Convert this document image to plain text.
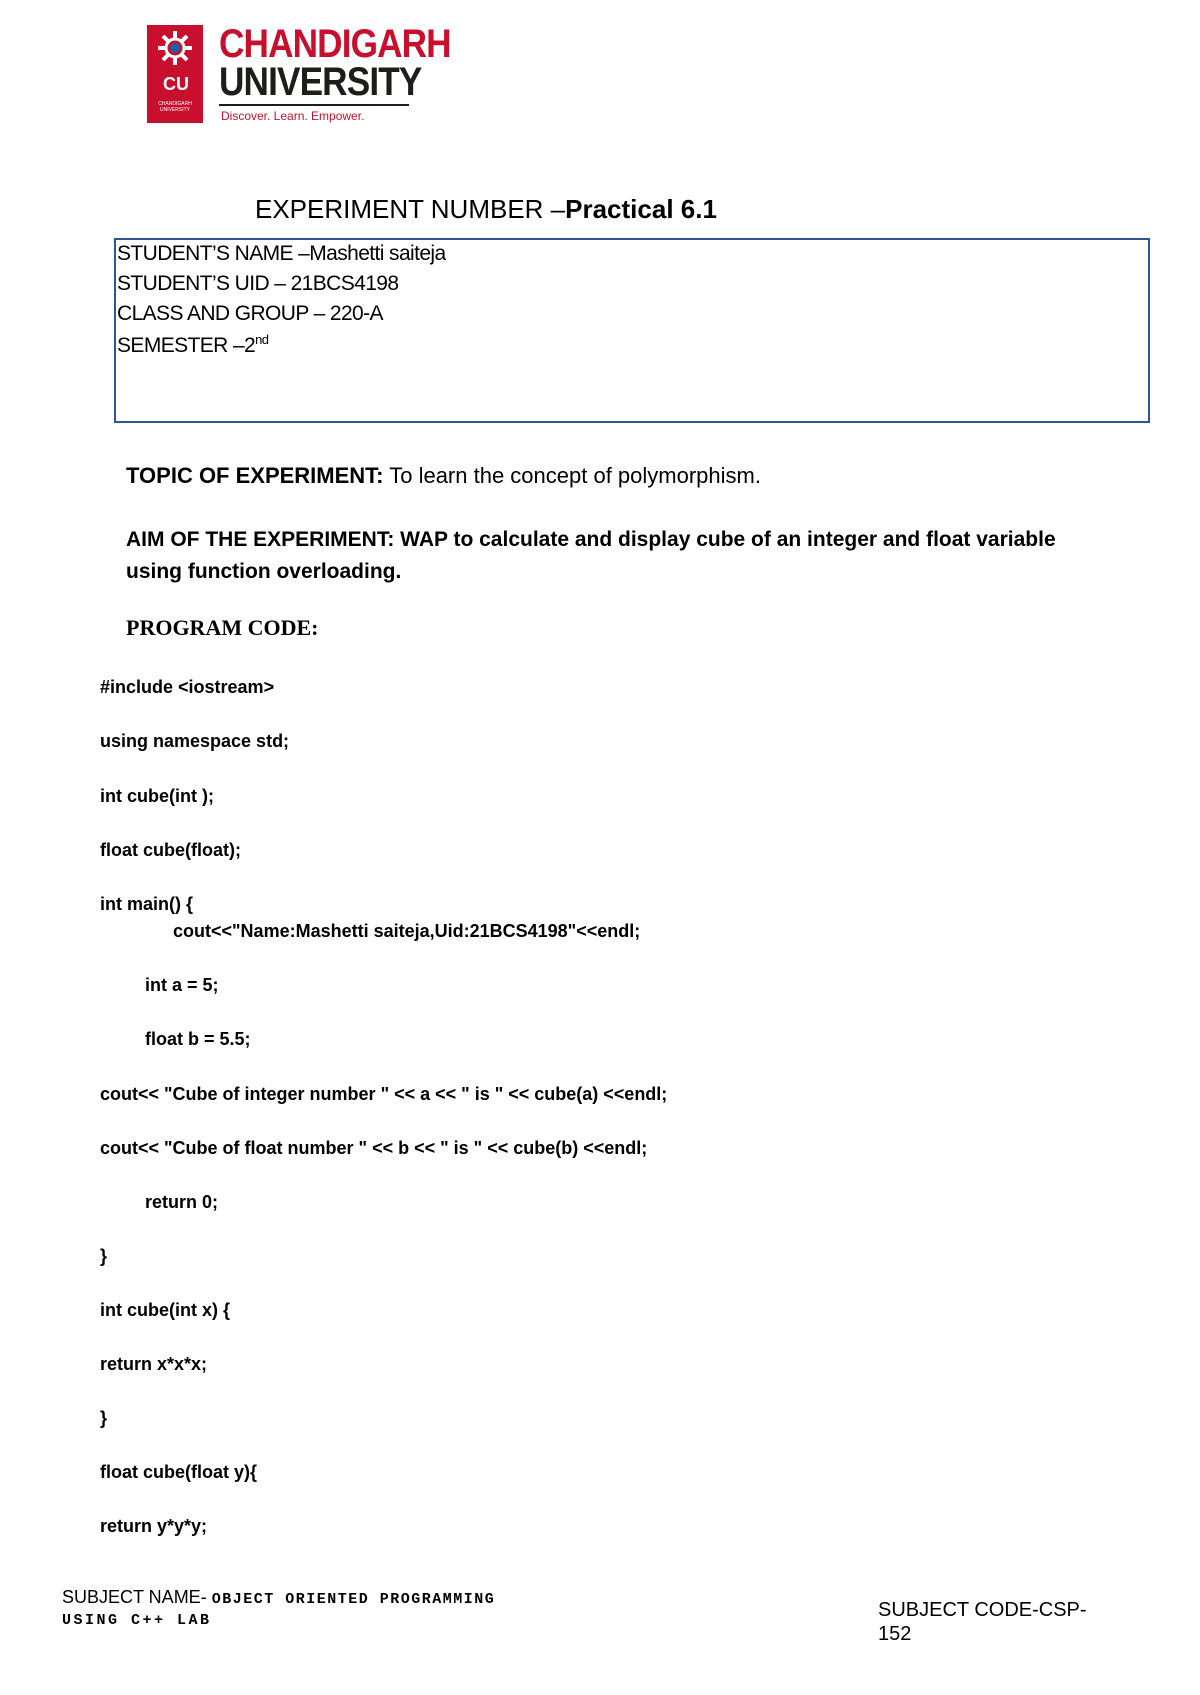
CU
CHANDIGARH UNIVERSITY
CHANDIGARH
UNIVERSITY
Discover. Learn. Empower.
EXPERIMENT NUMBER –Practical 6.1
STUDENT’S NAME –Mashetti saiteja
STUDENT’S UID – 21BCS4198
CLASS AND GROUP – 220-A
SEMESTER –2nd
TOPIC OF EXPERIMENT: To learn the concept of polymorphism.
AIM OF THE EXPERIMENT: WAP to calculate and display cube of an integer and float variable using function overloading.
PROGRAM CODE:
#include <iostream>
using namespace std;
int cube(int );
float cube(float);
int main() {
cout<<"Name:Mashetti saiteja,Uid:21BCS4198"<<endl;
int a = 5;
float b = 5.5;
cout<< "Cube of integer number " << a << " is " << cube(a) <<endl;
cout<< "Cube of float number " << b << " is " << cube(b) <<endl;
return 0;
}
int cube(int x) {
return x*x*x;
}
float cube(float y){
return y*y*y;
SUBJECT NAME- OBJECT ORIENTED PROGRAMMING
USING C++ LAB	SUBJECT CODE-CSP-
152
